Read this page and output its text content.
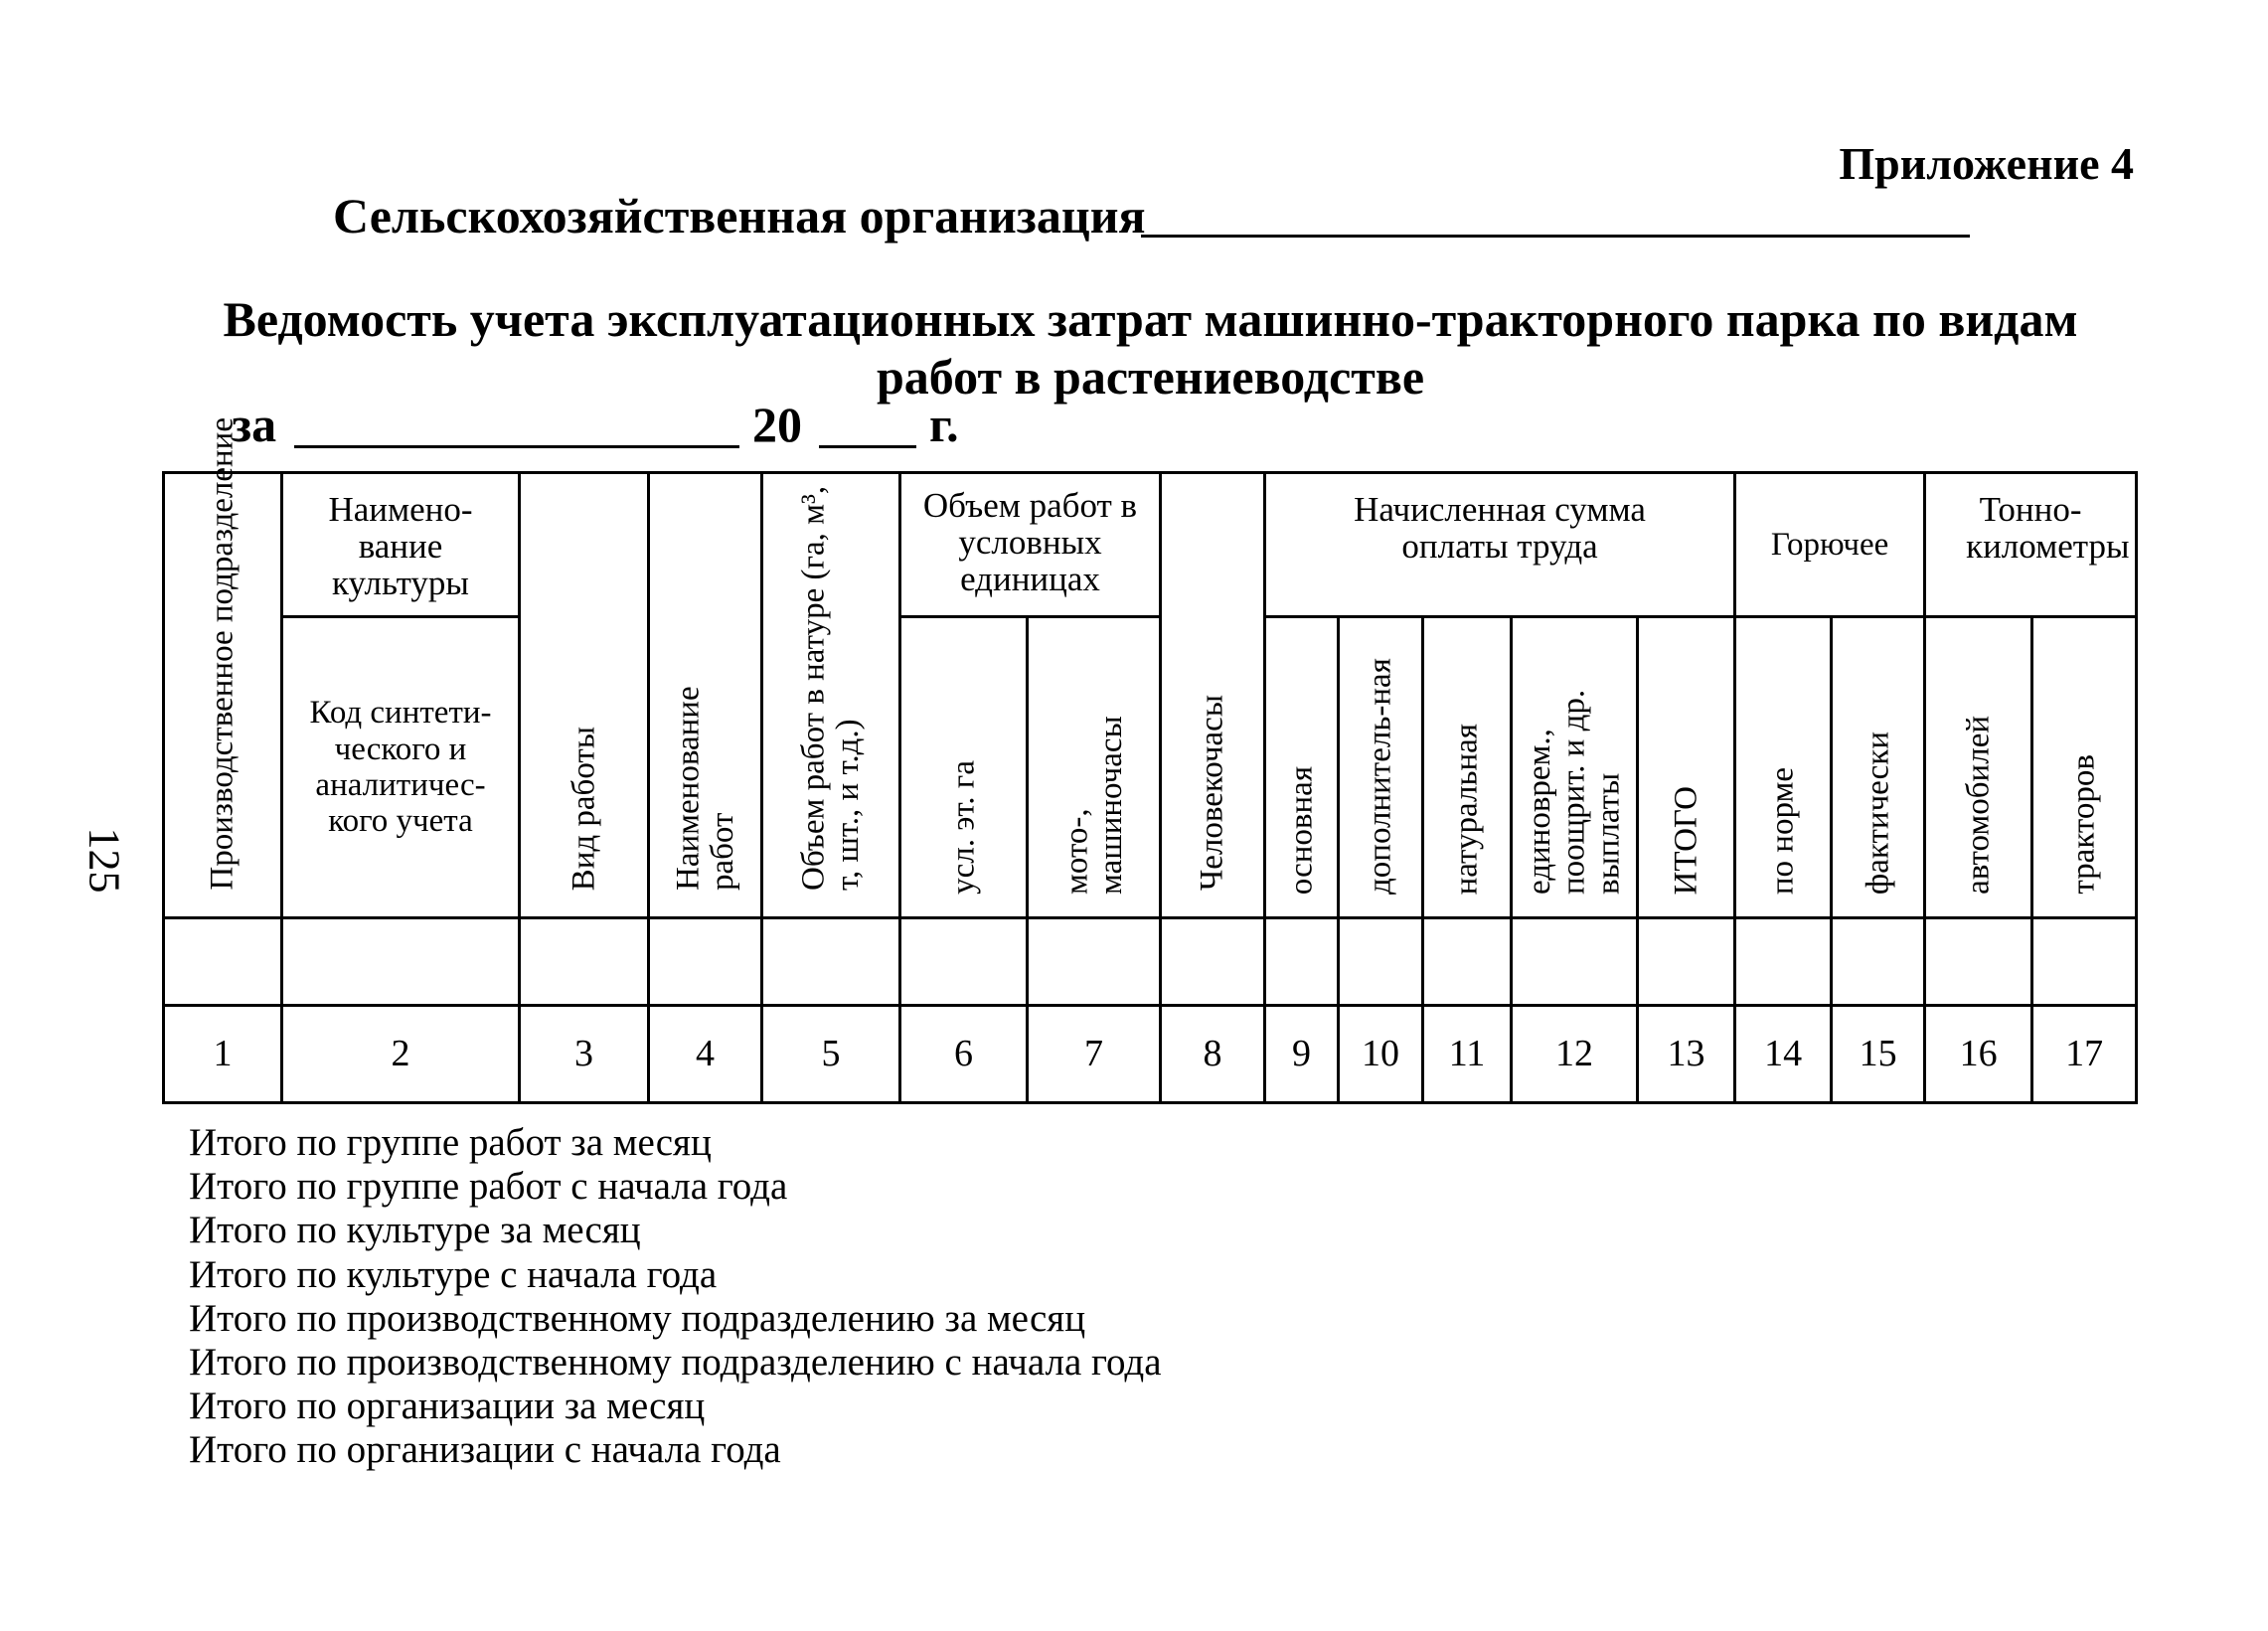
Приложение 4
Сельскохозяйственная организация
Ведомость учета эксплуатационных затрат машинно-тракторного парка по видам
работ в растениеводстве
за	20	г.
125 Производственное подразделение	Наимено-вание культуры	Вид работы	Наименование работ	Объем работ в натуре (га, м³, т, шт., и т.д.)	Объем работ в условных единицах		Человекочасы	Начисленная сумма оплаты труда					Горючее		Тонно-километры	
	Код синтети-ческого и аналитичес-кого учета				усл. эт. га	мото-, машиночасы		основная	дополнитель-ная	натуральная	единоврем., поощрит. и др. выплаты	ИТОГО	по норме	фактически	автомобилей	тракторов

1	2	3	4	5	6	7	8	9	10	11	12	13	14	15	16	17
Итого по группе работ за месяц
Итого по группе работ с начала года
Итого по культуре за месяц
Итого по культуре с начала года
Итого по производственному подразделению за месяц
Итого по производственному подразделению с начала года
Итого по организации за месяц
Итого по организации с начала года
